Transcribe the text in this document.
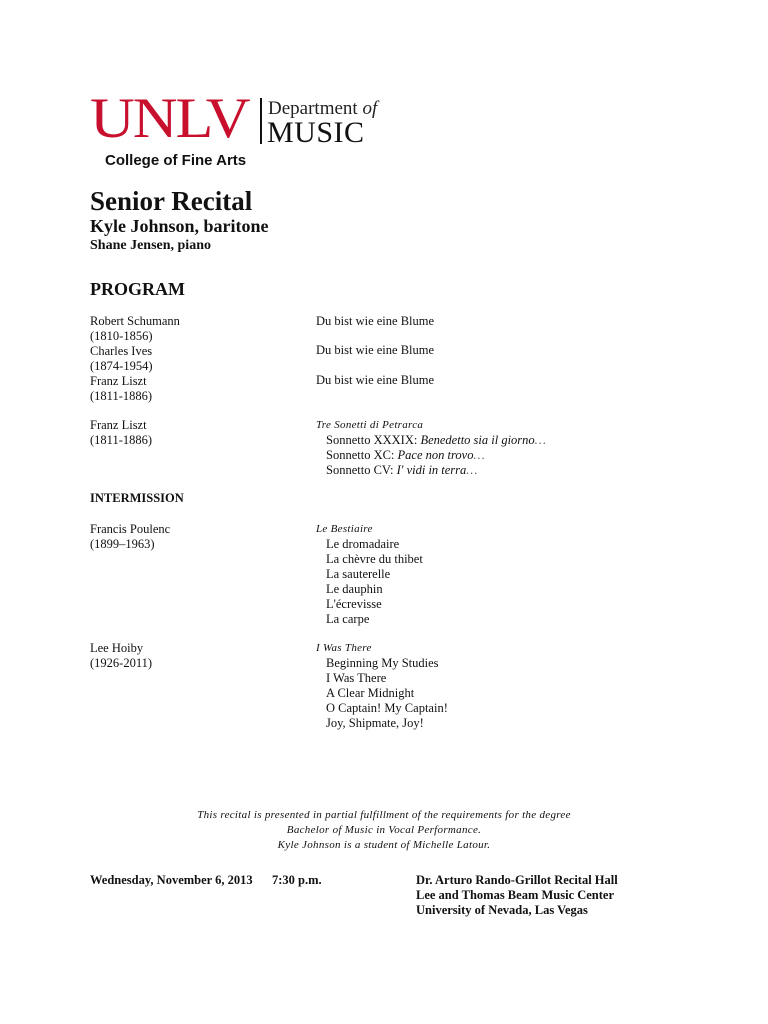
UNLV Department of
MUSIC
College of Fine Arts
Senior Recital
Kyle Johnson, baritone
Shane Jensen, piano
PROGRAM
Robert Schumann
(1810-1856)
Charles Ives
(1874-1954)
Franz Liszt
(1811-1886)
Du bist wie eine Blume
Du bist wie eine Blume
Du bist wie eine Blume
Franz Liszt
(1811-1886)
Tre Sonetti di Petrarca
Sonnetto XXXIX: Benedetto sia il giorno…
Sonnetto XC: Pace non trovo…
Sonnetto CV: I' vidi in terra…
INTERMISSION
Francis Poulenc
(1899–1963)
Le Bestiaire
Le dromadaire
La chèvre du thibet
La sauterelle
Le dauphin
L'écrevisse
La carpe
Lee Hoiby
(1926-2011)
I Was There
Beginning My Studies
I Was There
A Clear Midnight
O Captain! My Captain!
Joy, Shipmate, Joy!
This recital is presented in partial fulfillment of the requirements for the degree
Bachelor of Music in Vocal Performance.
Kyle Johnson is a student of Michelle Latour.
Wednesday, November 6, 2013 7:30 p.m.	Dr. Arturo Rando-Grillot Recital Hall
Lee and Thomas Beam Music Center
University of Nevada, Las Vegas
